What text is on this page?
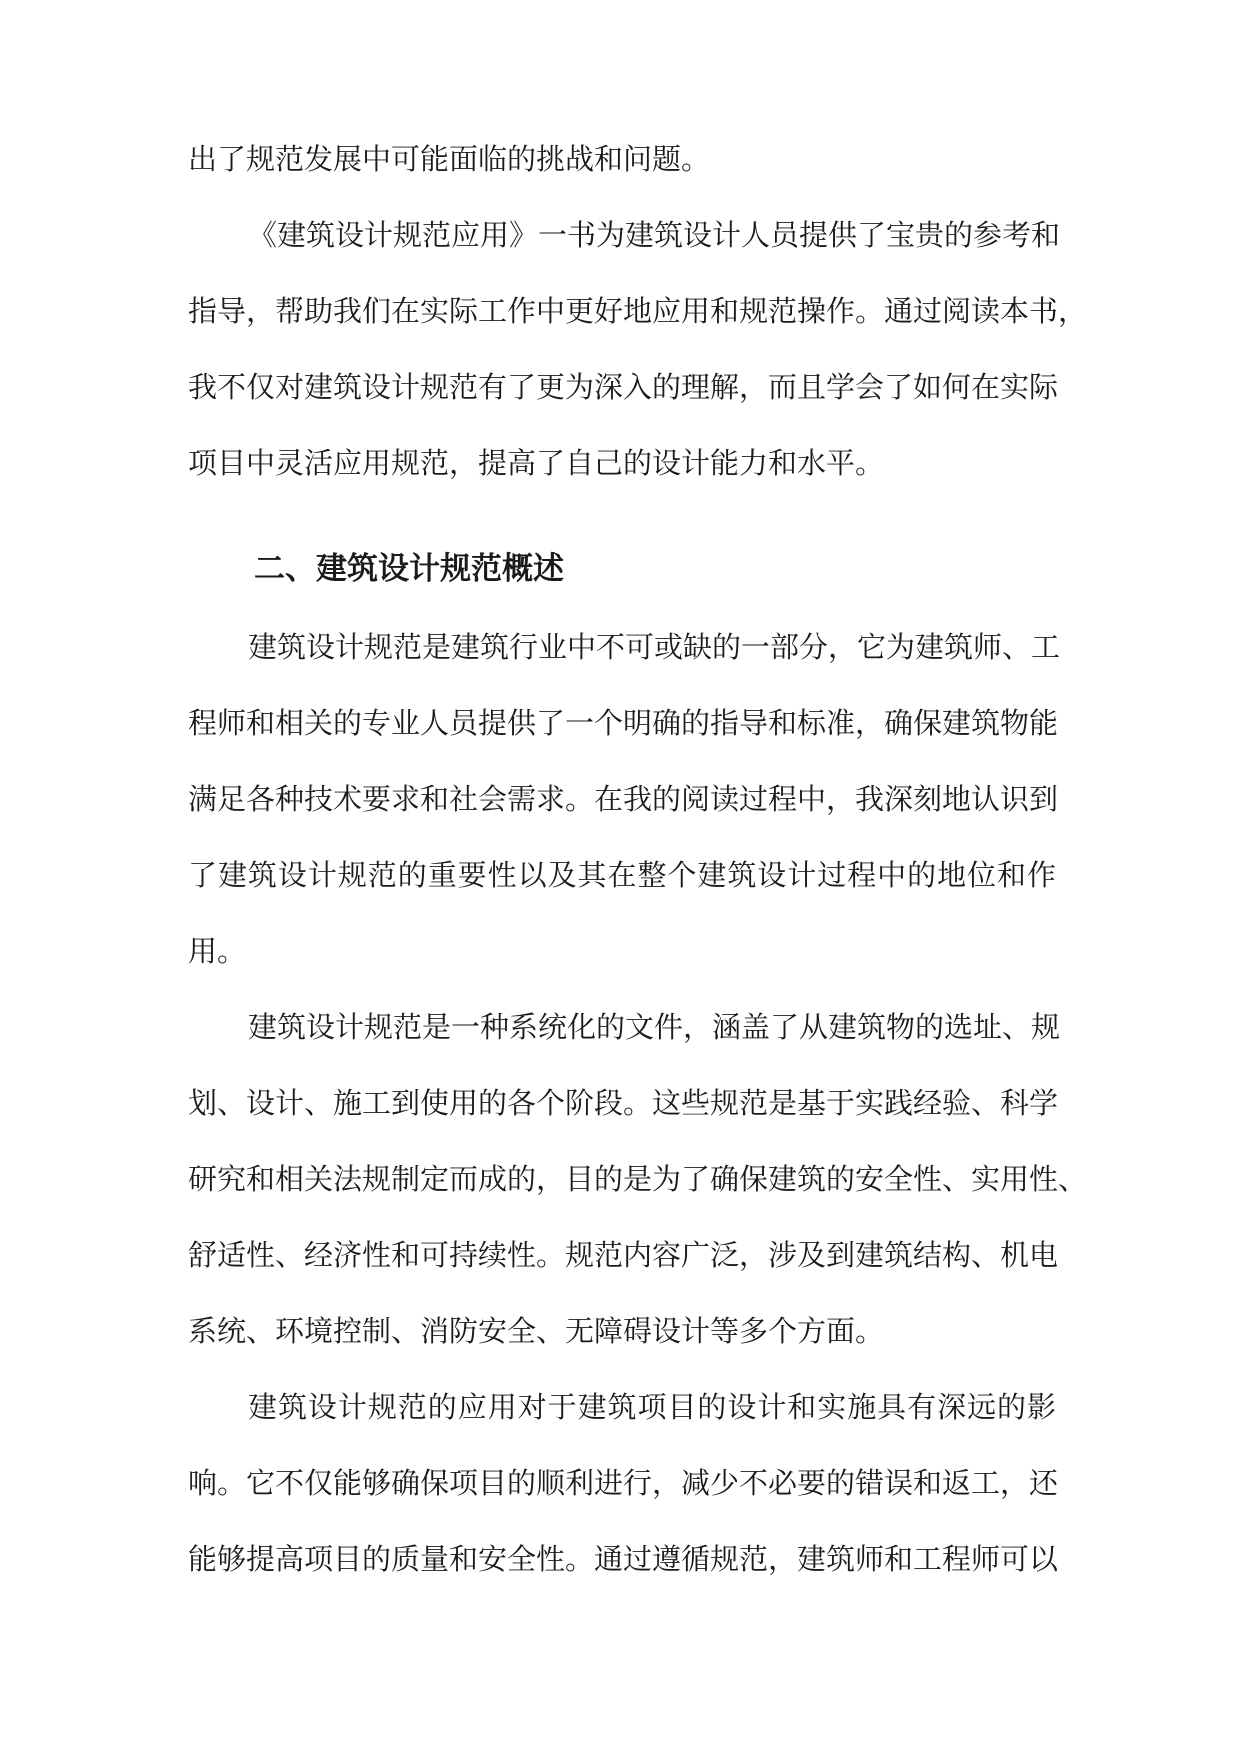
出了规范发展中可能面临的挑战和问题。
《建筑设计规范应用》一书为建筑设计人员提供了宝贵的参考和
指导，帮助我们在实际工作中更好地应用和规范操作。通过阅读本书，
我不仅对建筑设计规范有了更为深入的理解，而且学会了如何在实际
项目中灵活应用规范，提高了自己的设计能力和水平。
二、建筑设计规范概述
建筑设计规范是建筑行业中不可或缺的一部分，它为建筑师、工
程师和相关的专业人员提供了一个明确的指导和标准，确保建筑物能
满足各种技术要求和社会需求。在我的阅读过程中，我深刻地认识到
了建筑设计规范的重要性以及其在整个建筑设计过程中的地位和作
用。
建筑设计规范是一种系统化的文件，涵盖了从建筑物的选址、规
划、设计、施工到使用的各个阶段。这些规范是基于实践经验、科学
研究和相关法规制定而成的，目的是为了确保建筑的安全性、实用性、
舒适性、经济性和可持续性。规范内容广泛，涉及到建筑结构、机电
系统、环境控制、消防安全、无障碍设计等多个方面。
建筑设计规范的应用对于建筑项目的设计和实施具有深远的影
响。它不仅能够确保项目的顺利进行，减少不必要的错误和返工，还
能够提高项目的质量和安全性。通过遵循规范，建筑师和工程师可以
